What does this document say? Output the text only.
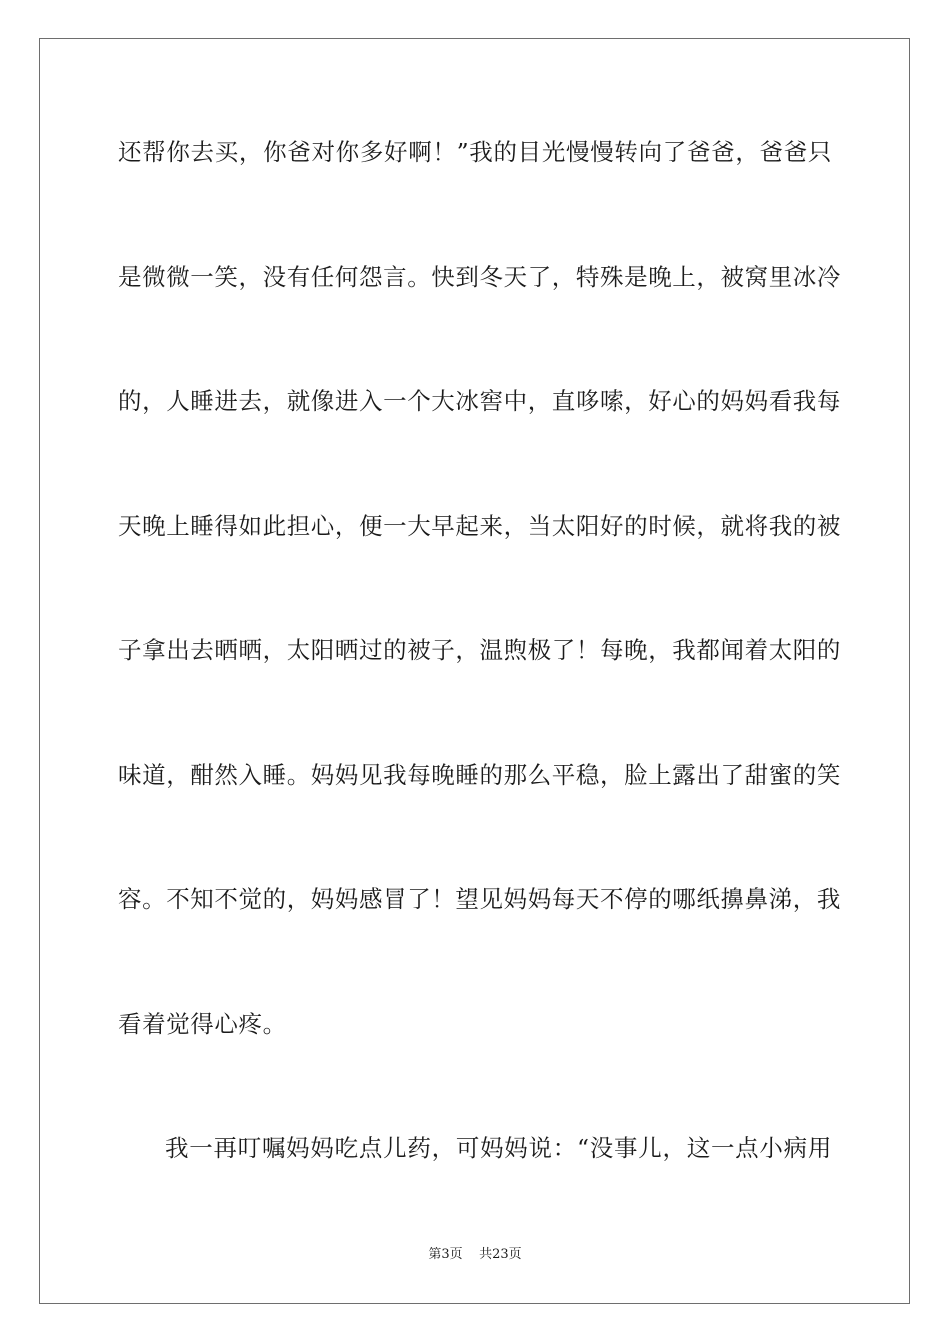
还帮你去买，你爸对你多好啊！”我的目光慢慢转向了爸爸，爸爸只
是微微一笑，没有任何怨言。快到冬天了，特殊是晚上，被窝里冰冷
的，人睡进去，就像进入一个大冰窖中，直哆嗦，好心的妈妈看我每
天晚上睡得如此担心，便一大早起来，当太阳好的时候，就将我的被
子拿出去晒晒，太阳晒过的被子，温煦极了！每晚，我都闻着太阳的
味道，酣然入睡。妈妈见我每晚睡的那么平稳，脸上露出了甜蜜的笑
容。不知不觉的，妈妈感冒了！望见妈妈每天不停的哪纸擤鼻涕，我
看着觉得心疼。
我一再叮嘱妈妈吃点儿药，可妈妈说：“没事儿，这一点小病用
第3页 共23页
